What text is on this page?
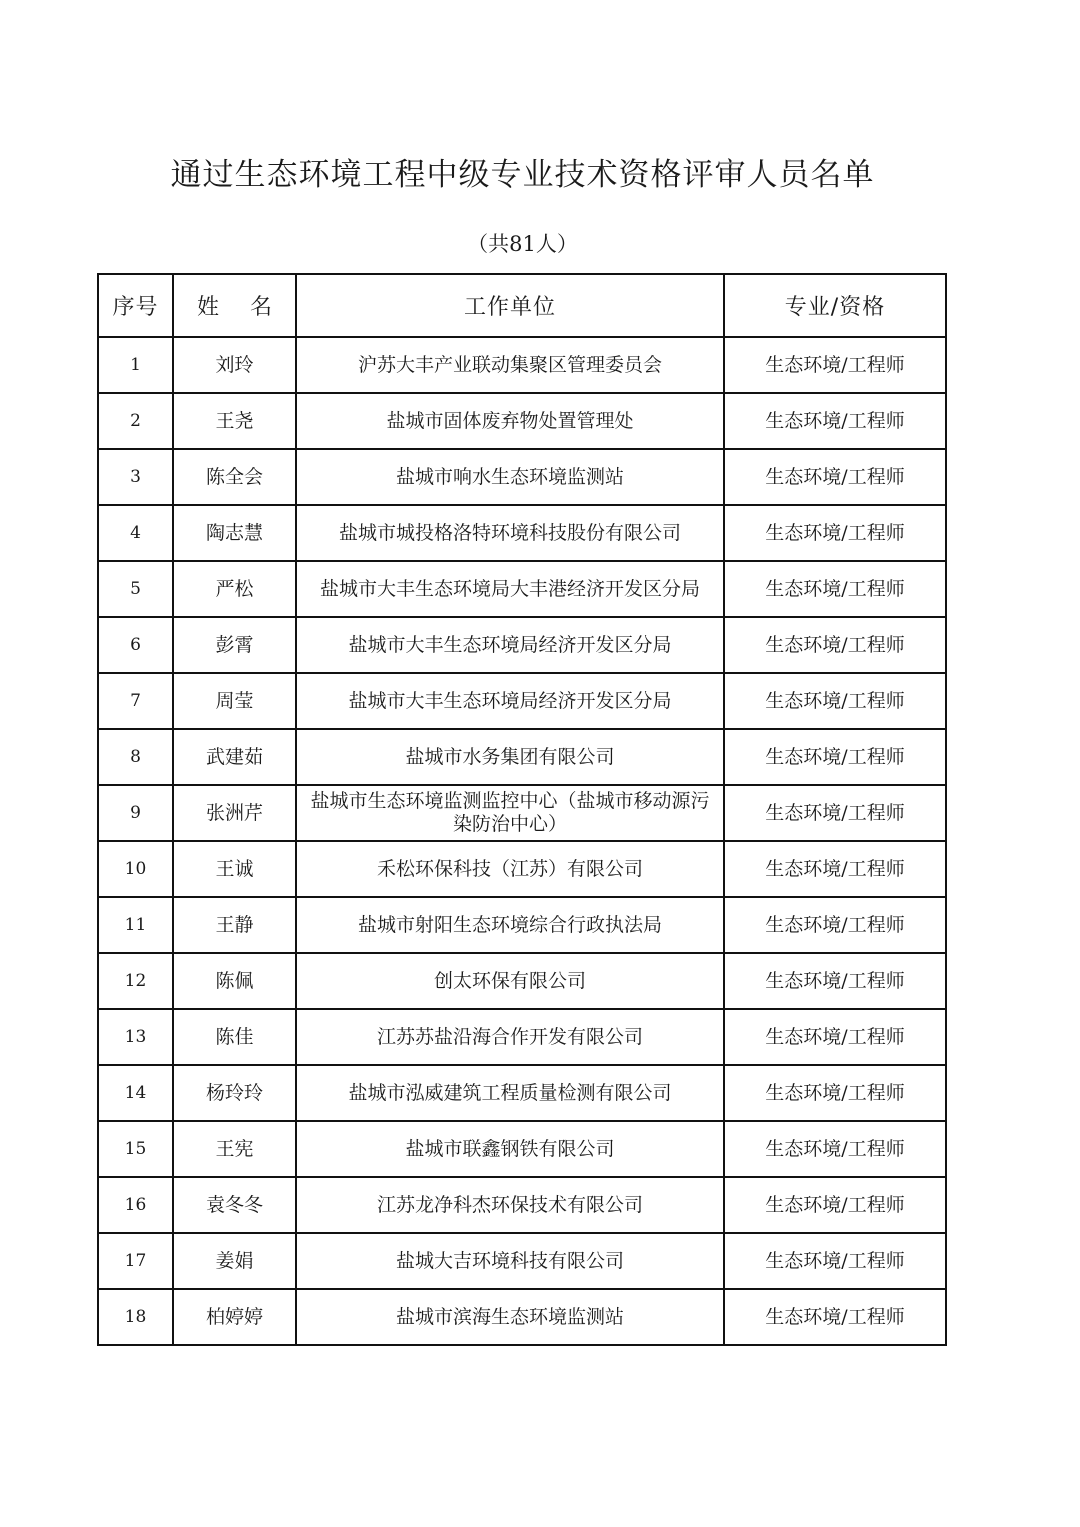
通过生态环境工程中级专业技术资格评审人员名单
（共81人）
序号	姓 名	工作单位	专业/资格
1	刘玲	沪苏大丰产业联动集聚区管理委员会	生态环境/工程师
2	王尧	盐城市固体废弃物处置管理处	生态环境/工程师
3	陈全会	盐城市响水生态环境监测站	生态环境/工程师
4	陶志慧	盐城市城投格洛特环境科技股份有限公司	生态环境/工程师
5	严松	盐城市大丰生态环境局大丰港经济开发区分局	生态环境/工程师
6	彭霄	盐城市大丰生态环境局经济开发区分局	生态环境/工程师
7	周莹	盐城市大丰生态环境局经济开发区分局	生态环境/工程师
8	武建茹	盐城市水务集团有限公司	生态环境/工程师
9	张洲芹	盐城市生态环境监测监控中心（盐城市移动源污染防治中心）	生态环境/工程师
10	王诚	禾松环保科技（江苏）有限公司	生态环境/工程师
11	王静	盐城市射阳生态环境综合行政执法局	生态环境/工程师
12	陈佩	创太环保有限公司	生态环境/工程师
13	陈佳	江苏苏盐沿海合作开发有限公司	生态环境/工程师
14	杨玲玲	盐城市泓威建筑工程质量检测有限公司	生态环境/工程师
15	王宪	盐城市联鑫钢铁有限公司	生态环境/工程师
16	袁冬冬	江苏龙净科杰环保技术有限公司	生态环境/工程师
17	姜娟	盐城大吉环境科技有限公司	生态环境/工程师
18	柏婷婷	盐城市滨海生态环境监测站	生态环境/工程师
